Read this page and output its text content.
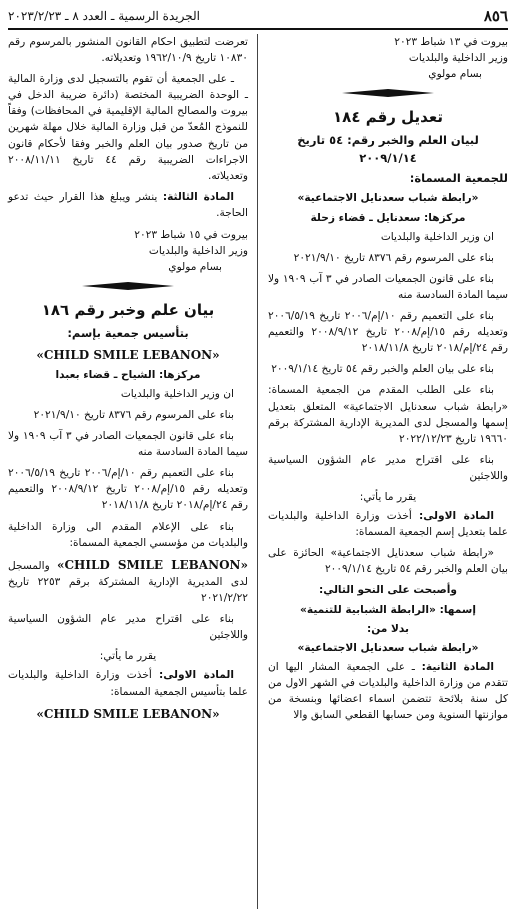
٨٥٦
الجريدة الرسمية ـ العدد ٨ ـ ٢٠٢٣/٢/٢٣

بيروت في ١٣ شباط ٢٠٢٣

وزير الداخلية والبلديات

بسام مولوي

تعديل رقم ١٨٤

لبيان العلم والخبر رقم: ٥٤ تاريخ ٢٠٠٩/١/١٤

للجمعية المسماة:

«رابطة شباب سعدنايل الاجتماعية»

مركزها: سعدنايل ـ قضاء زحلة

ان وزير الداخلية والبلديات

بناء على المرسوم رقم ٨٣٧٦ تاريخ ٢٠٢١/٩/١٠

بناء على قانون الجمعيات الصادر في ٣ آب ١٩٠٩ ولا سيما المادة السادسة منه

بناء على التعميم رقم ١٠/إم/٢٠٠٦ تاريخ ٢٠٠٦/٥/١٩ وتعديله رقم ١٥/إم/٢٠٠٨ تاريخ ٢٠٠٨/٩/١٢ والتعميم رقم ٢٤/إم/٢٠١٨ تاريخ ٢٠١٨/١١/٨

بناء على بيان العلم والخبر رقم ٥٤ تاريخ ٢٠٠٩/١/١٤

بناء على الطلب المقدم من الجمعية المسماة: «رابطة شباب سعدنايل الاجتماعية» المتعلق بتعديل إسمها والمسجل لدى المديرية الإدارية المشتركة برقم ١٩٦٦٠ تاريخ ٢٠٢٢/١٢/٢٣

بناء على اقتراح مدير عام الشؤون السياسية واللاجئين

يقرر ما يأتي:

المادة الاولى: أخذت وزارة الداخلية والبلديات علما بتعديل إسم الجمعية المسماة:

«رابطة شباب سعدنايل الاجتماعية» الحائزة على بيان العلم والخبر رقم ٥٤ تاريخ ٢٠٠٩/١/١٤

وأصبحت على النحو التالي:

إسمها: «الرابطة الشبابية للتنمية»

بدلا من:

«رابطة شباب سعدنايل الاجتماعية»

المادة الثانية: ـ على الجمعية المشار اليها ان تتقدم من وزارة الداخلية والبلديات في الشهر الاول من كل سنة بلائحة تتضمن اسماء اعضائها وبنسخة من موازنتها السنوية ومن حسابها القطعي السابق والا

تعرضت لتطبيق احكام القانون المنشور بالمرسوم رقم ١٠٨٣٠ تاريخ ١٩٦٢/١٠/٩ وتعديلاته.

ـ على الجمعية أن تقوم بالتسجيل لدى وزارة المالية ـ الوحدة الضريبية المختصة (دائرة ضريبة الدخل في بيروت والمصالح المالية الإقليمية في المحافظات) وفقاً للنموذج المُعدّ من قبل وزارة المالية خلال مهلة شهرين من تاريخ صدور بيان العلم والخبر وفقا لأحكام قانون الاجراءات الضريبية رقم ٤٤ تاريخ ٢٠٠٨/١١/١١ وتعديلاته.

المادة الثالثة: ينشر ويبلغ هذا القرار حيث تدعو الحاجة.

بيروت في ١٥ شباط ٢٠٢٣

وزير الداخلية والبلديات

بسام مولوي

بيان علم وخبر رقم ١٨٦

بتأسيس جمعية بإسم:

«CHILD SMILE LEBANON»

مركزها: الشياح ـ قضاء بعبدا

ان وزير الداخلية والبلديات

بناء على المرسوم رقم ٨٣٧٦ تاريخ ٢٠٢١/٩/١٠

بناء على قانون الجمعيات الصادر في ٣ آب ١٩٠٩ ولا سيما المادة السادسة منه

بناء على التعميم رقم ١٠/إم/٢٠٠٦ تاريخ ٢٠٠٦/٥/١٩ وتعديله رقم ١٥/إم/٢٠٠٨ تاريخ ٢٠٠٨/٩/١٢ والتعميم رقم ٢٤/إم/٢٠١٨ تاريخ ٢٠١٨/١١/٨

بناء على الإعلام المقدم الى وزارة الداخلية والبلديات من مؤسسي الجمعية المسماة:

«CHILD SMILE LEBANON» والمسجل لدى المديرية الإدارية المشتركة برقم ٢٢٥٣ تاريخ ٢٠٢١/٢/٢٢

بناء على اقتراح مدير عام الشؤون السياسية واللاجئين

يقرر ما يأتي:

المادة الاولى: أخذت وزارة الداخلية والبلديات علما بتأسيس الجمعية المسماة:

«CHILD SMILE LEBANON»
